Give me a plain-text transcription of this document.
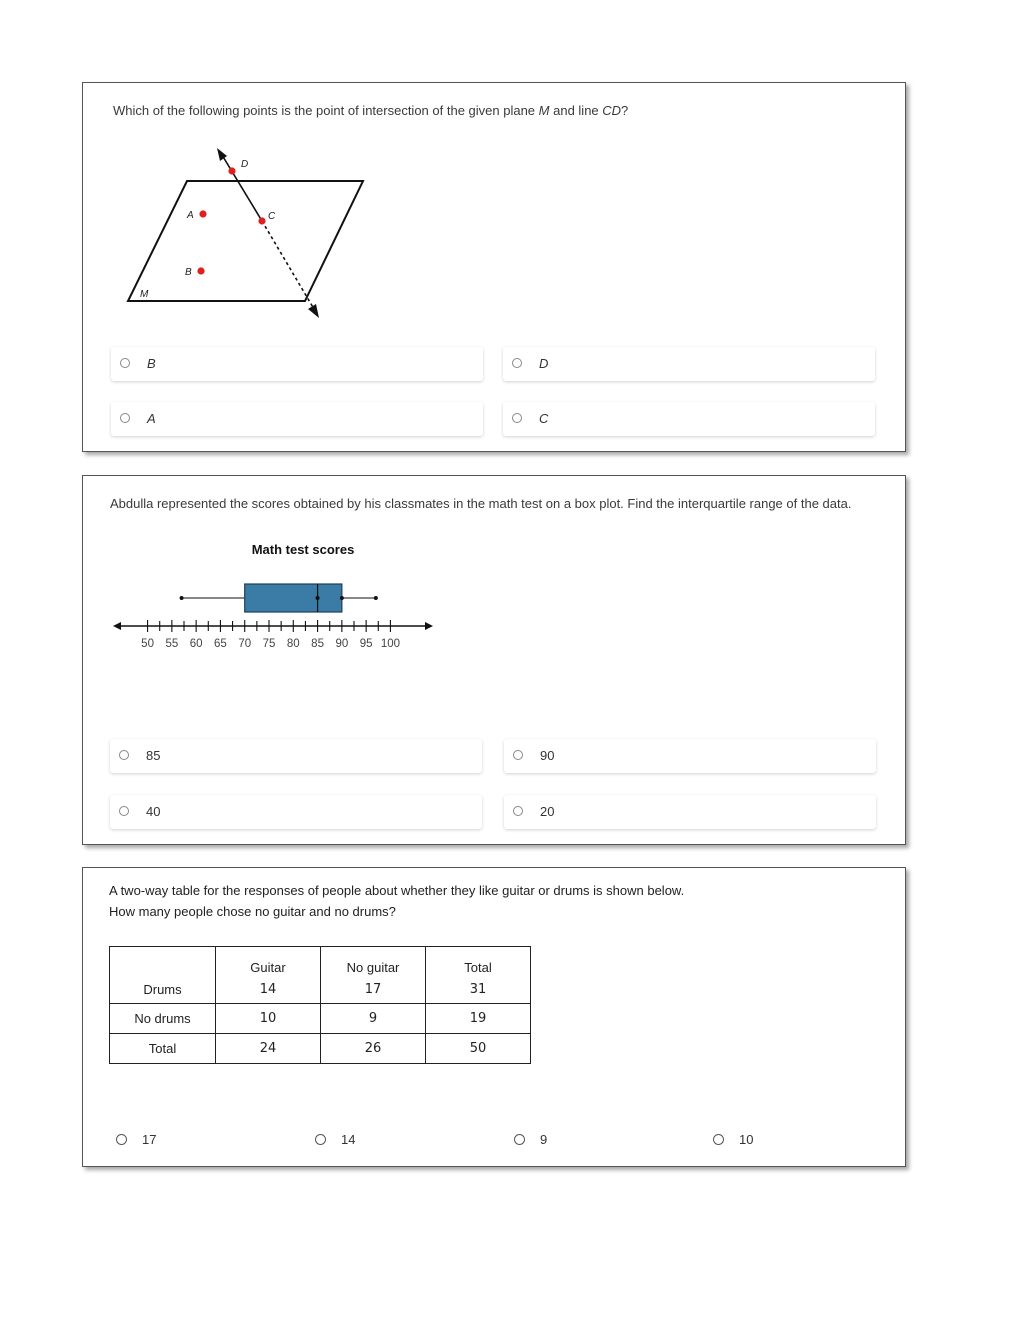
Which of the following points is the point of intersection of the given plane M and line CD?
D
C
A
B
M
B	D
A	C
Abdulla represented the scores obtained by his classmates in the math test on a box plot. Find the interquartile range of the data.
Math test scores
50 55 60 65 70 75 80 85 90 95 100
85	90
40	20
A two-way table for the responses of people about whether they like guitar or drums is shown below.
How many people chose no guitar and no drums?
	Guitar	No guitar	Total
Drums	14	17	31
No drums	10	9	19
Total	24	26	50
17	14	9	10
